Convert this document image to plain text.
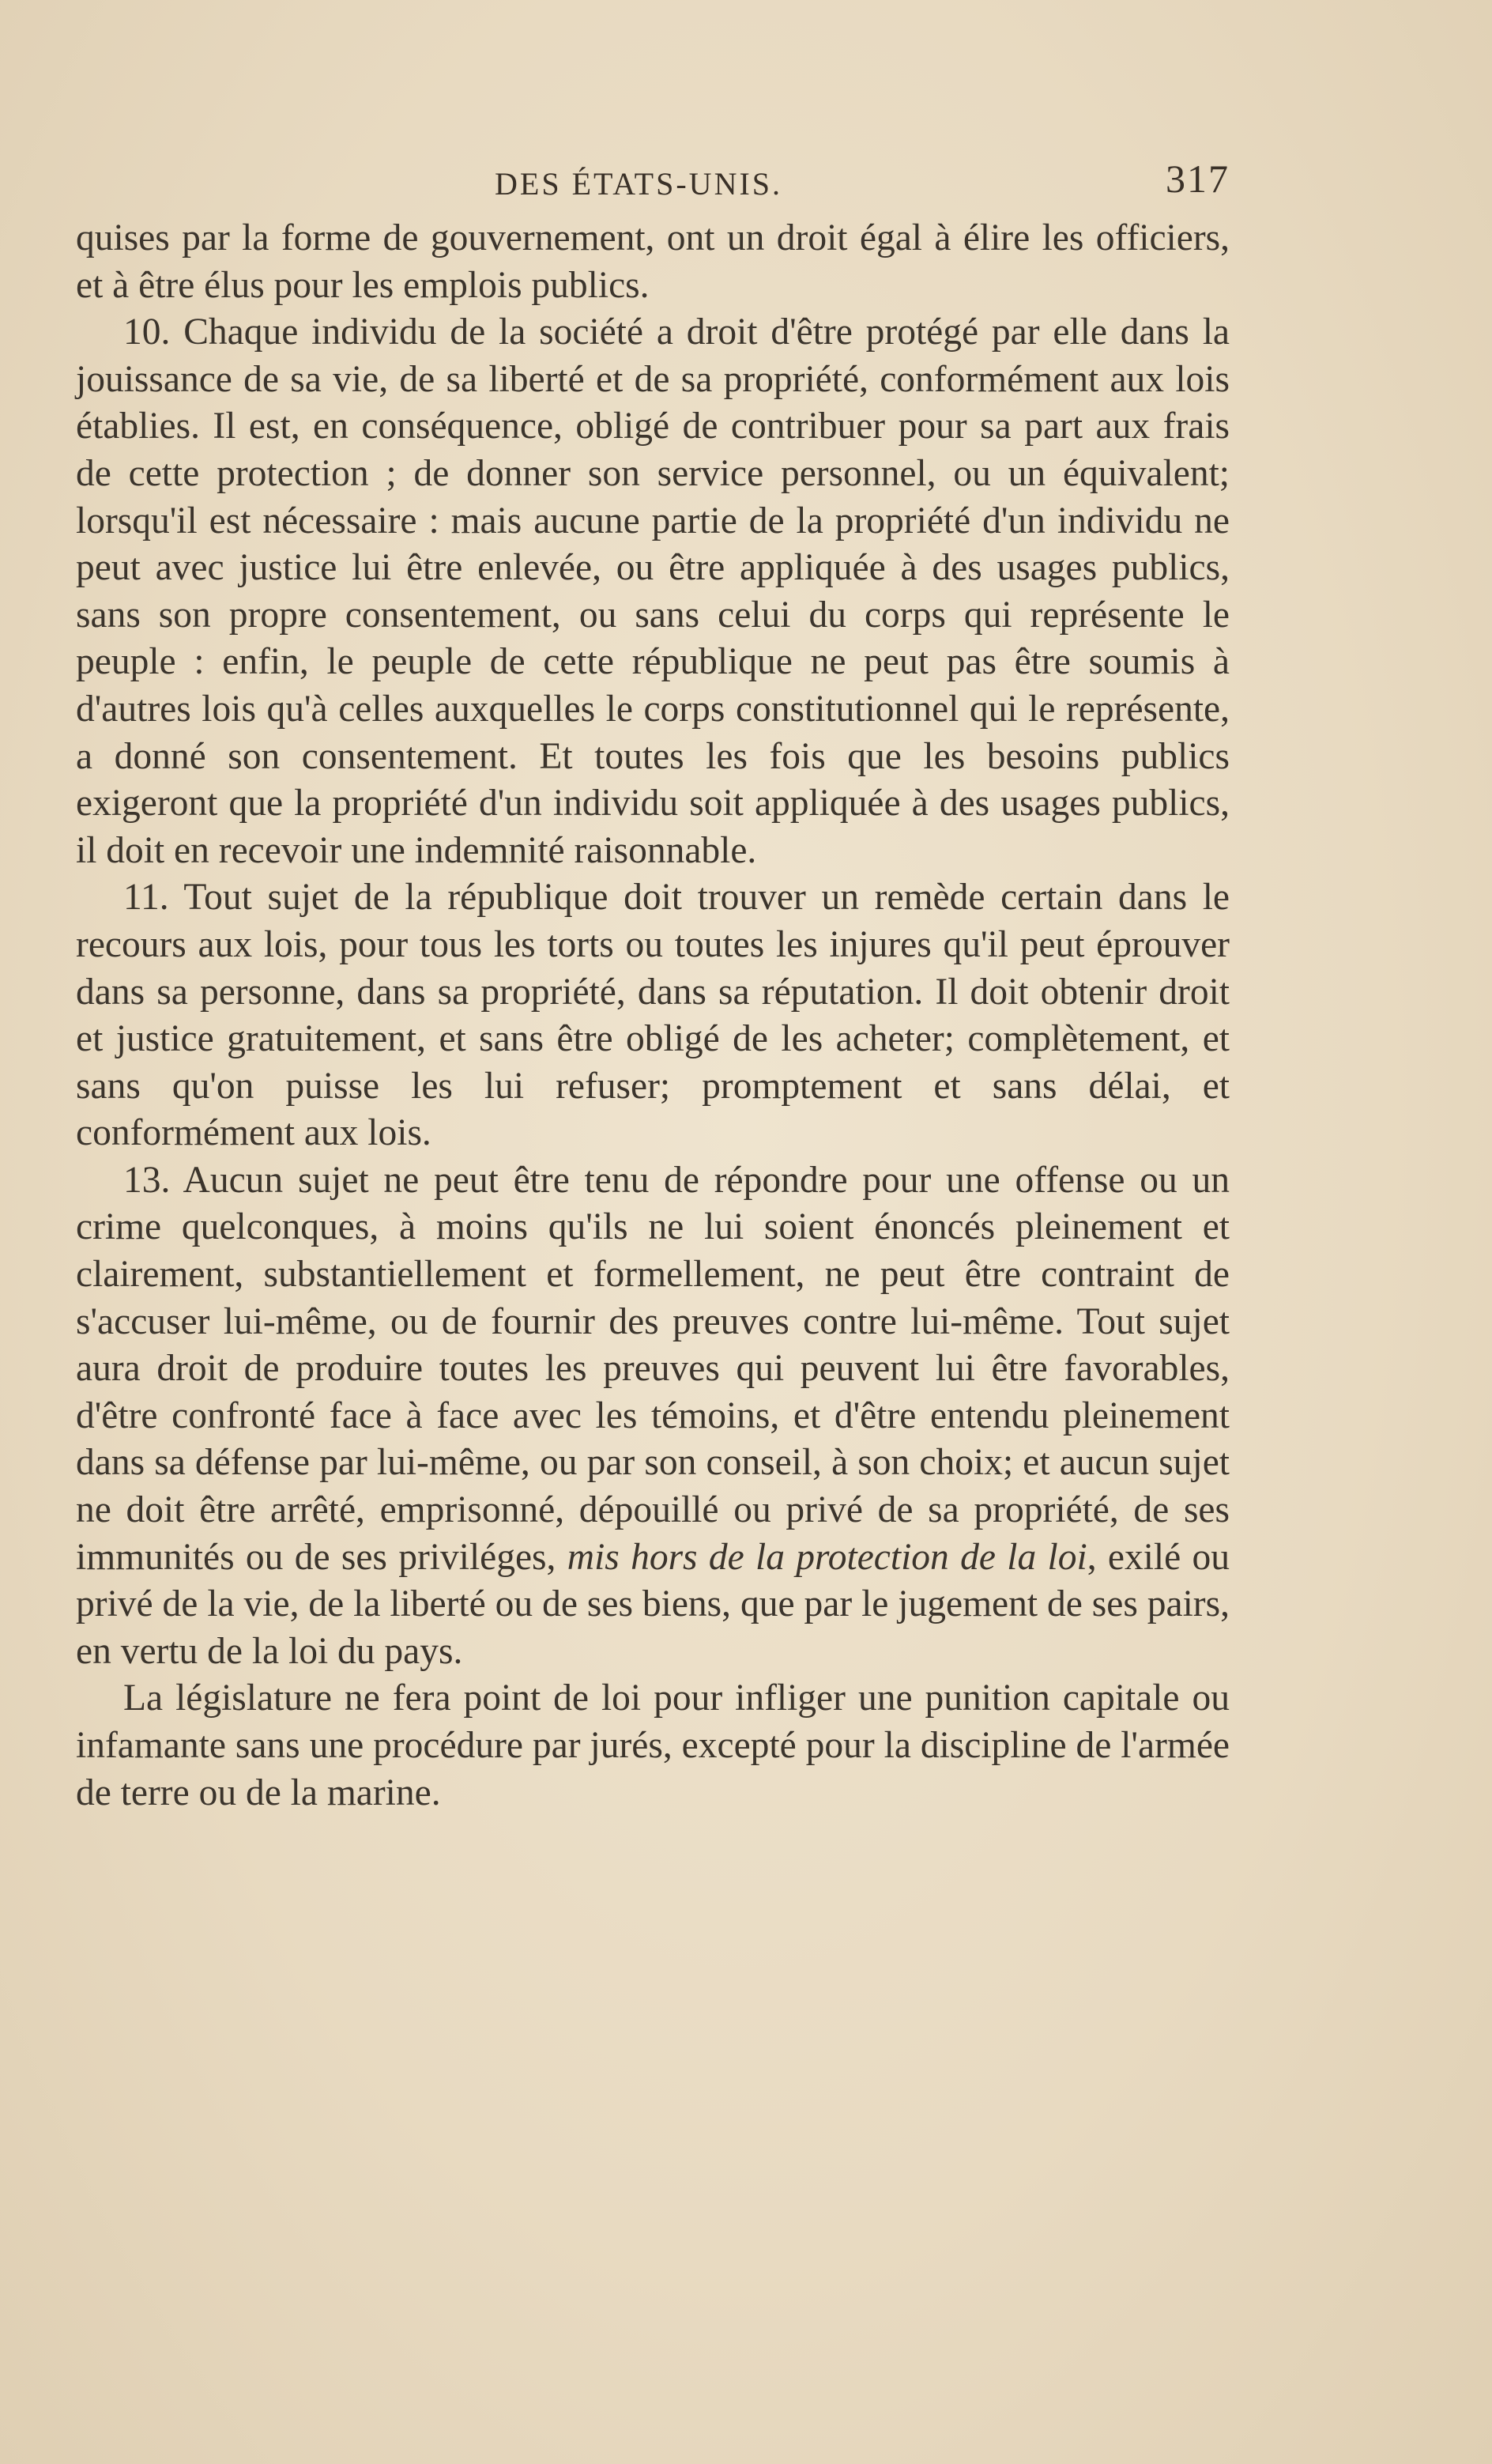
DES ÉTATS-UNIS.	317

quises par la forme de gouvernement, ont un droit égal à élire les officiers, et à être élus pour les emplois publics.

10. Chaque individu de la société a droit d'être protégé par elle dans la jouissance de sa vie, de sa liberté et de sa propriété, conformément aux lois établies. Il est, en conséquence, obligé de contribuer pour sa part aux frais de cette protection ; de donner son service personnel, ou un équivalent; lorsqu'il est nécessaire : mais aucune partie de la propriété d'un individu ne peut avec justice lui être enlevée, ou être appliquée à des usages publics, sans son propre consentement, ou sans celui du corps qui représente le peuple : enfin, le peuple de cette république ne peut pas être soumis à d'autres lois qu'à celles auxquelles le corps constitutionnel qui le représente, a donné son consentement. Et toutes les fois que les besoins publics exigeront que la propriété d'un individu soit appliquée à des usages publics, il doit en recevoir une indemnité raisonnable.

11. Tout sujet de la république doit trouver un remède certain dans le recours aux lois, pour tous les torts ou toutes les injures qu'il peut éprouver dans sa personne, dans sa propriété, dans sa réputation. Il doit obtenir droit et justice gratuitement, et sans être obligé de les acheter; complètement, et sans qu'on puisse les lui refuser; promptement et sans délai, et conformément aux lois.

13. Aucun sujet ne peut être tenu de répondre pour une offense ou un crime quelconques, à moins qu'ils ne lui soient énoncés pleinement et clairement, substantiellement et formellement, ne peut être contraint de s'accuser lui-même, ou de fournir des preuves contre lui-même. Tout sujet aura droit de produire toutes les preuves qui peuvent lui être favorables, d'être confronté face à face avec les témoins, et d'être entendu pleinement dans sa défense par lui-même, ou par son conseil, à son choix; et aucun sujet ne doit être arrêté, emprisonné, dépouillé ou privé de sa propriété, de ses immunités ou de ses priviléges, mis hors de la protection de la loi, exilé ou privé de la vie, de la liberté ou de ses biens, que par le jugement de ses pairs, en vertu de la loi du pays.

La législature ne fera point de loi pour infliger une punition capitale ou infamante sans une procédure par jurés, excepté pour la discipline de l'armée de terre ou de la marine.
